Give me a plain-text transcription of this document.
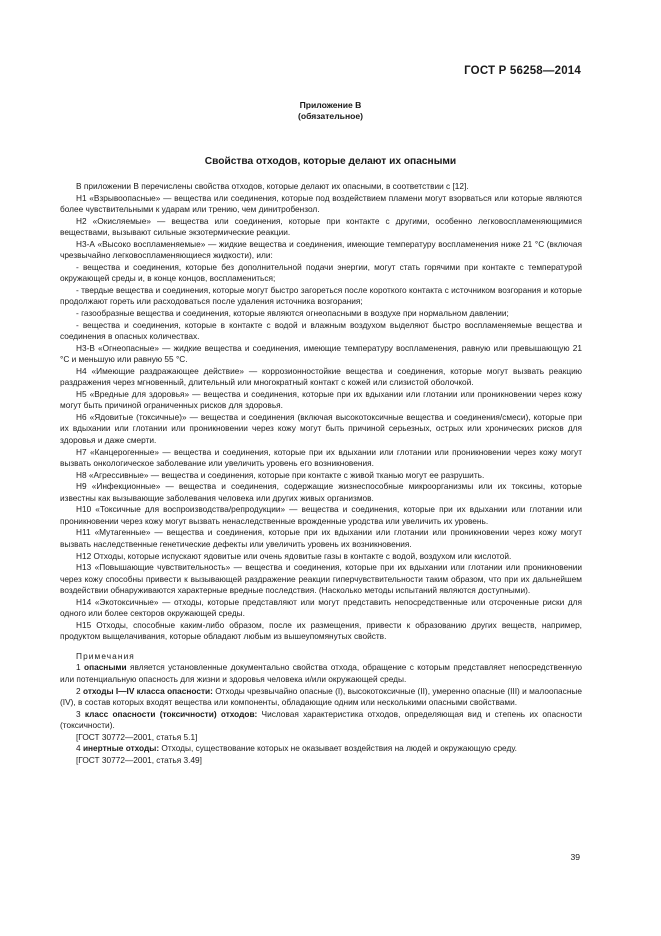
ГОСТ Р 56258—2014
Приложение В
(обязательное)
Свойства отходов, которые делают их опасными

В приложении В перечислены свойства отходов, которые делают их опасными, в соответствии с [12].

Н1 «Взрывоопасные» — вещества или соединения, которые под воздействием пламени могут взорваться или которые являются более чувствительными к ударам или трению, чем динитробензол.

Н2 «Окисляемые» — вещества или соединения, которые при контакте с другими, особенно легковоспламеняющимися веществами, вызывают сильные экзотермические реакции.

Н3-А «Высоко воспламеняемые» — жидкие вещества и соединения, имеющие температуру воспламенения ниже 21 °С (включая чрезвычайно легковоспламеняющиеся жидкости), или:

- вещества и соединения, которые без дополнительной подачи энергии, могут стать горячими при контакте с температурой окружающей среды и, в конце концов, воспламениться;

- твердые вещества и соединения, которые могут быстро загореться после короткого контакта с источником возгорания и которые продолжают гореть или расходоваться после удаления источника возгорания;

- газообразные вещества и соединения, которые являются огнеопасными в воздухе при нормальном давлении;

- вещества и соединения, которые в контакте с водой и влажным воздухом выделяют быстро воспламеняемые вещества и соединения в опасных количествах.

Н3-В «Огнеопасные» — жидкие вещества и соединения, имеющие температуру воспламенения, равную или превышающую 21 °С и меньшую или равную 55 °С.

Н4 «Имеющие раздражающее действие» — коррозионностойкие вещества и соединения, которые могут вызвать реакцию раздражения через мгновенный, длительный или многократный контакт с кожей или слизистой оболочкой.

Н5 «Вредные для здоровья» — вещества и соединения, которые при их вдыхании или глотании или проникновении через кожу могут быть причиной ограниченных рисков для здоровья.

Н6 «Ядовитые (токсичные)» — вещества и соединения (включая высокотоксичные вещества и соединения/смеси), которые при их вдыхании или глотании или проникновении через кожу могут быть причиной серьезных, острых или хронических рисков для здоровья и даже смерти.

Н7 «Канцерогенные» — вещества и соединения, которые при их вдыхании или глотании или проникновении через кожу могут вызвать онкологическое заболевание или увеличить уровень его возникновения.

Н8 «Агрессивные» — вещества и соединения, которые при контакте с живой тканью могут ее разрушить.

Н9 «Инфекционные» — вещества и соединения, содержащие жизнеспособные микроорганизмы или их токсины, которые известны как вызывающие заболевания человека или других живых организмов.

Н10 «Токсичные для воспроизводства/репродукции» — вещества и соединения, которые при их вдыхании или глотании или проникновении через кожу могут вызвать ненаследственные врожденные уродства или увеличить их уровень.

Н11 «Мутагенные» — вещества и соединения, которые при их вдыхании или глотании или проникновении через кожу могут вызвать наследственные генетические дефекты или увеличить уровень их возникновения.

Н12 Отходы, которые испускают ядовитые или очень ядовитые газы в контакте с водой, воздухом или кислотой.

Н13 «Повышающие чувствительность» — вещества и соединения, которые при их вдыхании или глотании или проникновении через кожу способны привести к вызывающей раздражение реакции гиперчувствительности таким образом, что при их дальнейшем воздействии обнаруживаются характерные вредные последствия. (Насколько методы испытаний являются доступными).

Н14 «Экотоксичные» — отходы, которые представляют или могут представить непосредственные или отсроченные риски для одного или более секторов окружающей среды.

Н15 Отходы, способные каким-либо образом, после их размещения, привести к образованию других веществ, например, продуктом выщелачивания, которые обладают любым из вышеупомянутых свойств.

Примечания

1 опасными является установленные документально свойства отхода, обращение с которым представляет непосредственную или потенциальную опасность для жизни и здоровья человека и/или окружающей среды.

2 отходы I—IV класса опасности: Отходы чрезвычайно опасные (I), высокотоксичные (II), умеренно опасные (III) и малоопасные (IV), в состав которых входят вещества или компоненты, обладающие одним или несколькими опасными свойствами.

3 класс опасности (токсичности) отходов: Числовая характеристика отходов, определяющая вид и степень их опасности (токсичности).

[ГОСТ 30772—2001, статья 5.1]

4 инертные отходы: Отходы, существование которых не оказывает воздействия на людей и окружающую среду.

[ГОСТ 30772—2001, статья 3.49]

39
